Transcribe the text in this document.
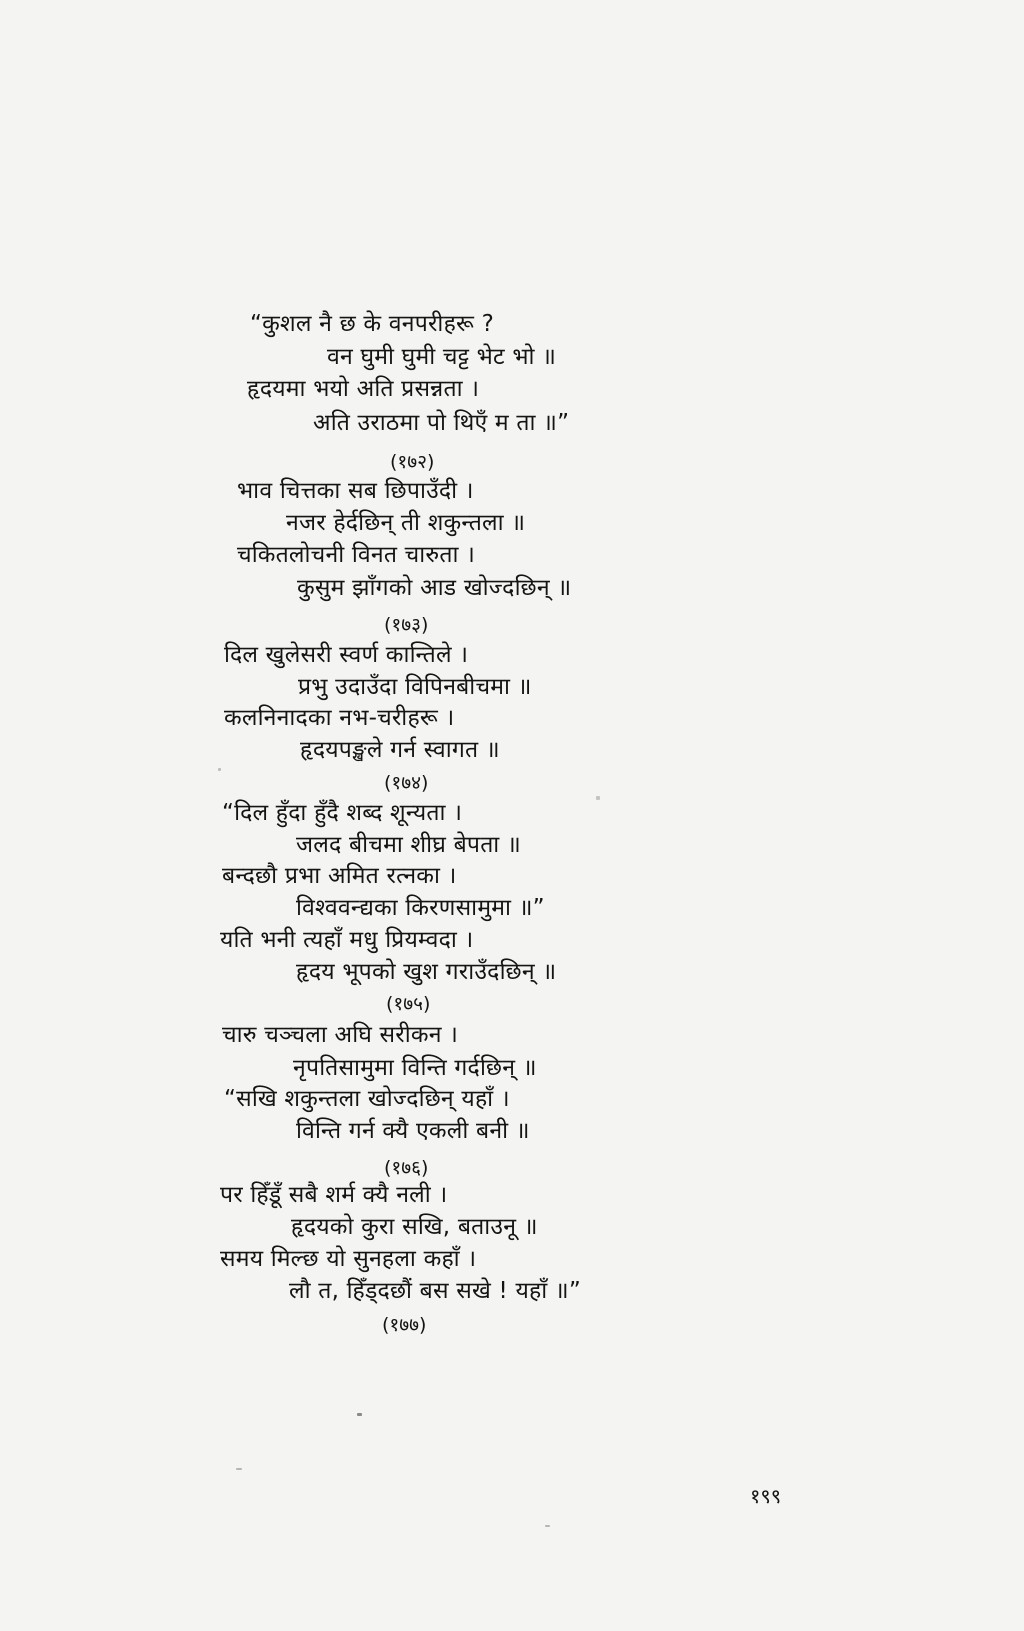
“कुशल नै छ के वनपरीहरू ?
वन घुमी घुमी चट्ट भेट भो ॥
हृदयमा भयो अति प्रसन्नता ।
अति उराठमा पो थिएँ म ता ॥”
(१७२)
भाव चित्तका सब छिपाउँदी ।
नजर हेर्दछिन् ती शकुन्तला ॥
चकितलोचनी विनत चारुता ।
कुसुम झाँगको आड खोज्दछिन् ॥
(१७३)
दिल खुलेसरी स्वर्ण कान्तिले ।
प्रभु उदाउँदा विपिनबीचमा ॥
कलनिनादका नभ-चरीहरू ।
हृदयपङ्खले गर्न स्वागत ॥
(१७४)
“दिल हुँदा हुँदै शब्द शून्यता ।
जलद बीचमा शीघ्र बेपता ॥
बन्दछौ प्रभा अमित रत्नका ।
विश्ववन्द्यका किरणसामुमा ॥”
यति भनी त्यहाँ मधु प्रियम्वदा ।
हृदय भूपको खुश गराउँदछिन् ॥
(१७५)
चारु चञ्चला अघि सरीकन ।
नृपतिसामुमा विन्ति गर्दछिन् ॥
“सखि शकुन्तला खोज्दछिन् यहाँ ।
विन्ति गर्न क्यै एकली बनी ॥
(१७६)
पर हिँडूँ सबै शर्म क्यै नली ।
हृदयको कुरा सखि, बताउनू ॥
समय मिल्छ यो सुनहला कहाँ ।
लौ त, हिँड्दछौं बस सखे ! यहाँ ॥”
(१७७)
१९९
